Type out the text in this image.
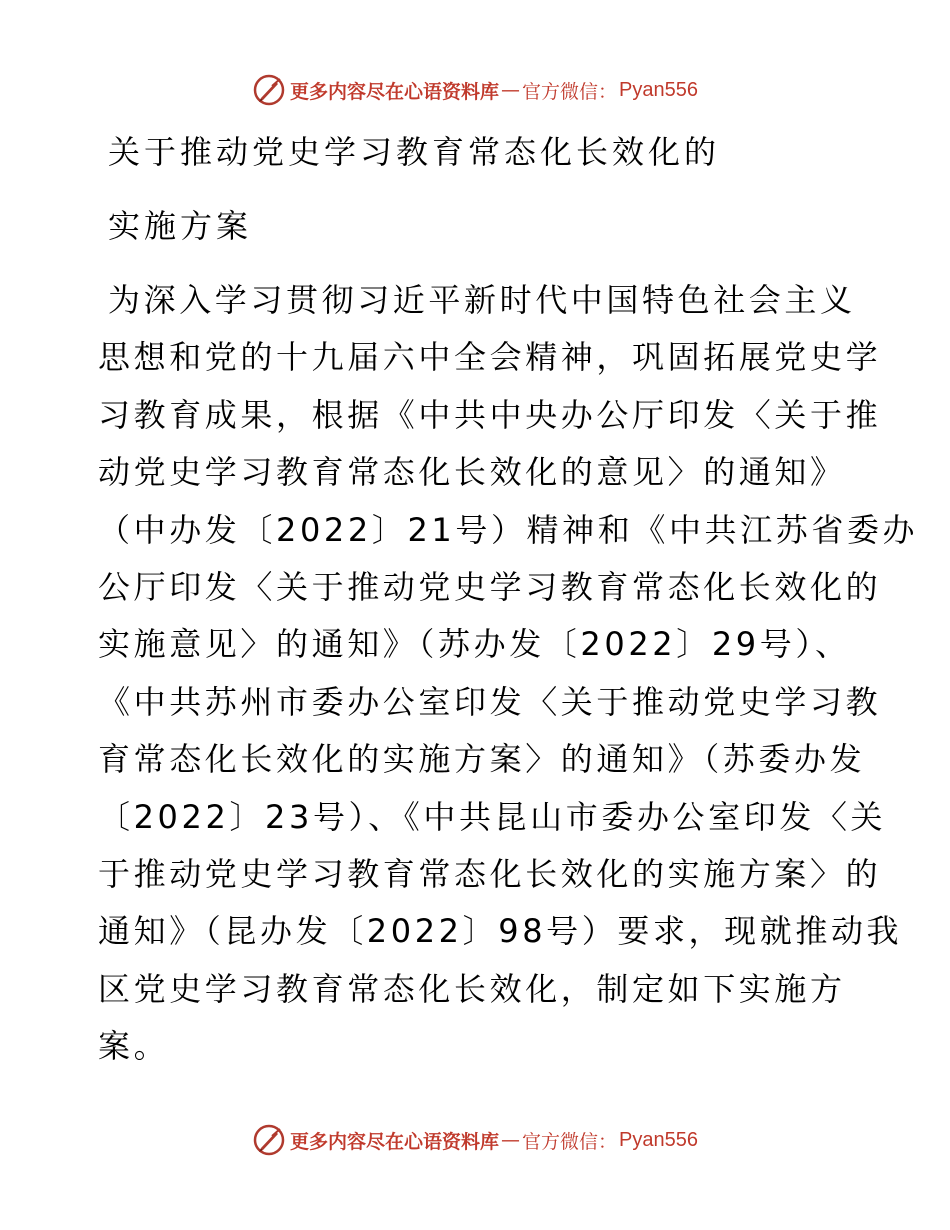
更多内容尽在心语资料库 — 官方微信： Pyan556
关于推动党史学习教育常态化长效化的
实施方案
为深入学习贯彻习近平新时代中国特色社会主义
思想和党的十九届六中全会精神，巩固拓展党史学
习教育成果，根据《中共中央办公厅印发〈关于推
动党史学习教育常态化长效化的意见〉的通知》
（中办发〔2022〕21号）精神和《中共江苏省委办
公厅印发〈关于推动党史学习教育常态化长效化的
实施意见〉的通知》（苏办发〔2022〕29号）、
《中共苏州市委办公室印发〈关于推动党史学习教
育常态化长效化的实施方案〉的通知》（苏委办发
〔2022〕23号）、《中共昆山市委办公室印发〈关
于推动党史学习教育常态化长效化的实施方案〉的
通知》（昆办发〔2022〕98号）要求，现就推动我
区党史学习教育常态化长效化，制定如下实施方
案。
更多内容尽在心语资料库 — 官方微信： Pyan556
